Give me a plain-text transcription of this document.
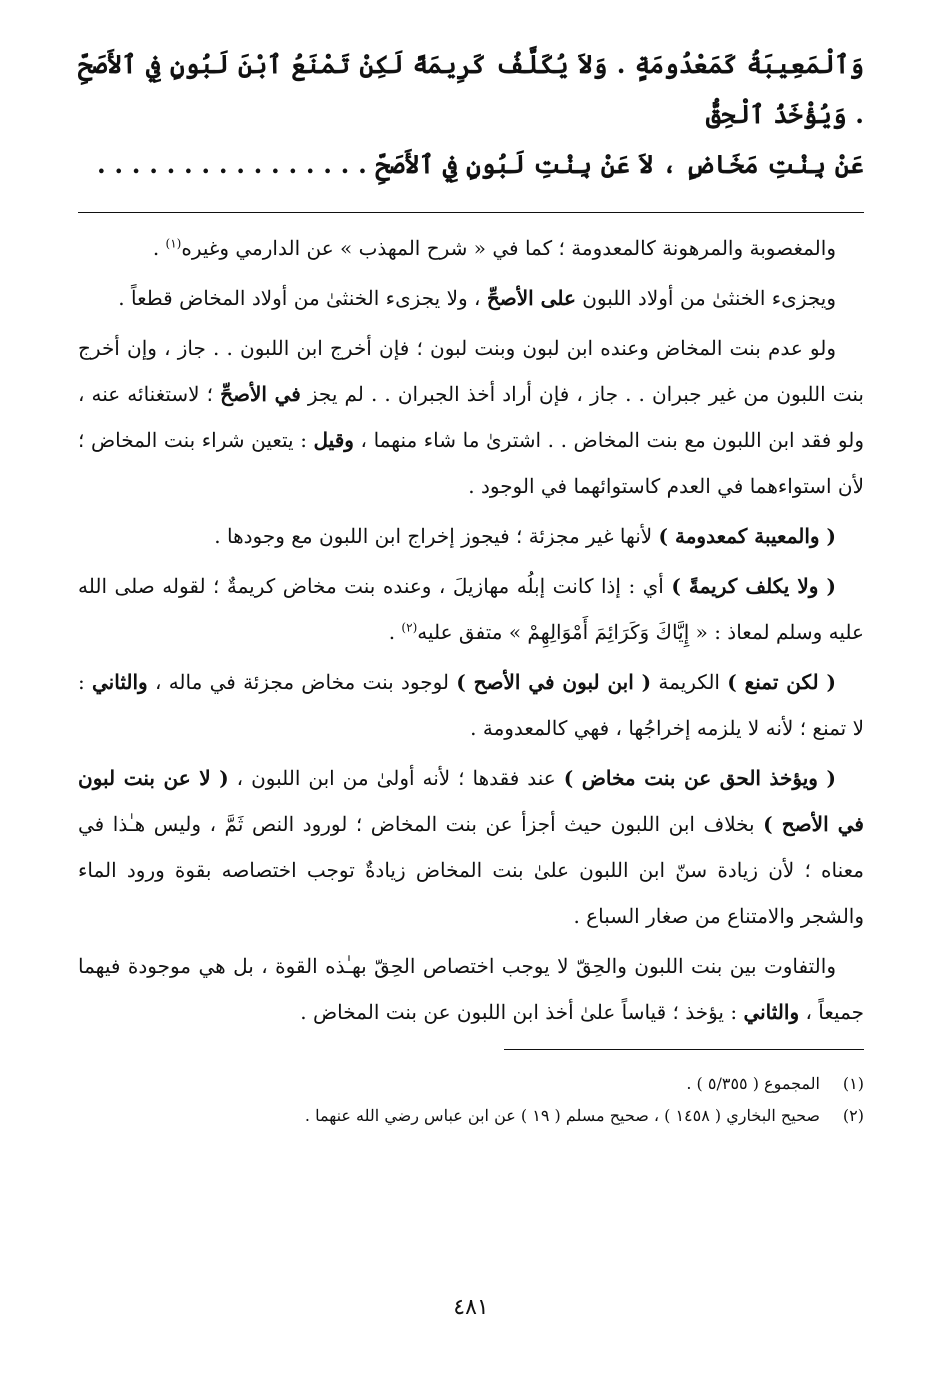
وَٱلْمَعِيبَةُ كَمَعْدُومَةٍ . وَلاَ يُكَلَّفُ كَرِيمَةً لَكِنْ تَمْنَعُ ٱبْنَ لَبُونٍ فِي ٱلأَصَحِّ . وَيُؤْخَذُ ٱلْحِقُّ

عَنْ بِنْتِ مَخَاضٍ ، لاَ عَنْ بِنْتِ لَبُونٍ فِي ٱلأَصَحِّ . . . . . . . . . . . . . . . .

والمغصوبة والمرهونة كالمعدومة ؛ كما في « شرح المهذب » عن الدارمي وغيره$^{(١)}$ .

ويجزىء الخنثىٰ من أولاد اللبون على الأصحِّ ، ولا يجزىء الخنثىٰ من أولاد المخاض قطعاً .

ولو عدم بنت المخاض وعنده ابن لبون وبنت لبون ؛ فإن أخرج ابن اللبون . . جاز ، وإن أخرج بنت اللبون من غير جبران . . جاز ، فإن أراد أخذ الجبران . . لم يجز في الأصحِّ ؛ لاستغنائه عنه ، ولو فقد ابن اللبون مع بنت المخاض . . اشترىٰ ما شاء منهما ، وقيل : يتعين شراء بنت المخاض ؛ لأن استواءهما في العدم كاستوائهما في الوجود .

( والمعيبة كمعدومة ) لأنها غير مجزئة ؛ فيجوز إخراج ابن اللبون مع وجودها .

( ولا يكلف كريمةً ) أي : إذا كانت إبلُه مهازيلَ ، وعنده بنت مخاض كريمةٌ ؛ لقوله صلى الله عليه وسلم لمعاذ : « إِيَّاكَ وَكَرَائِمَ أَمْوَالِهِمْ » متفق عليه$^{(٢)}$ .

( لكن تمنع ) الكريمة ( ابن لبون في الأصح ) لوجود بنت مخاض مجزئة في ماله ، والثاني : لا تمنع ؛ لأنه لا يلزمه إخراجُها ، فهي كالمعدومة .

( ويؤخذ الحق عن بنت مخاض ) عند فقدها ؛ لأنه أولىٰ من ابن اللبون ، ( لا عن بنت لبون في الأصح ) بخلاف ابن اللبون حيث أجزأ عن بنت المخاض ؛ لورود النص ثَمَّ ، وليس هـٰذا في معناه ؛ لأن زيادة سنّ ابن اللبون علىٰ بنت المخاض زيادةٌ توجب اختصاصه بقوة ورود الماء والشجر والامتناع من صغار السباع .

والتفاوت بين بنت اللبون والحِقّ لا يوجب اختصاص الحِقّ بهـٰذه القوة ، بل هي موجودة فيهما جميعاً ، والثاني : يؤخذ ؛ قياساً علىٰ أخذ ابن اللبون عن بنت المخاض .

(١)
المجموع ( ٥/٣٥٥ ) .
(٢)
صحيح البخاري ( ١٤٥٨ ) ، صحيح مسلم ( ١٩ ) عن ابن عباس رضي الله عنهما .
٤٨١
